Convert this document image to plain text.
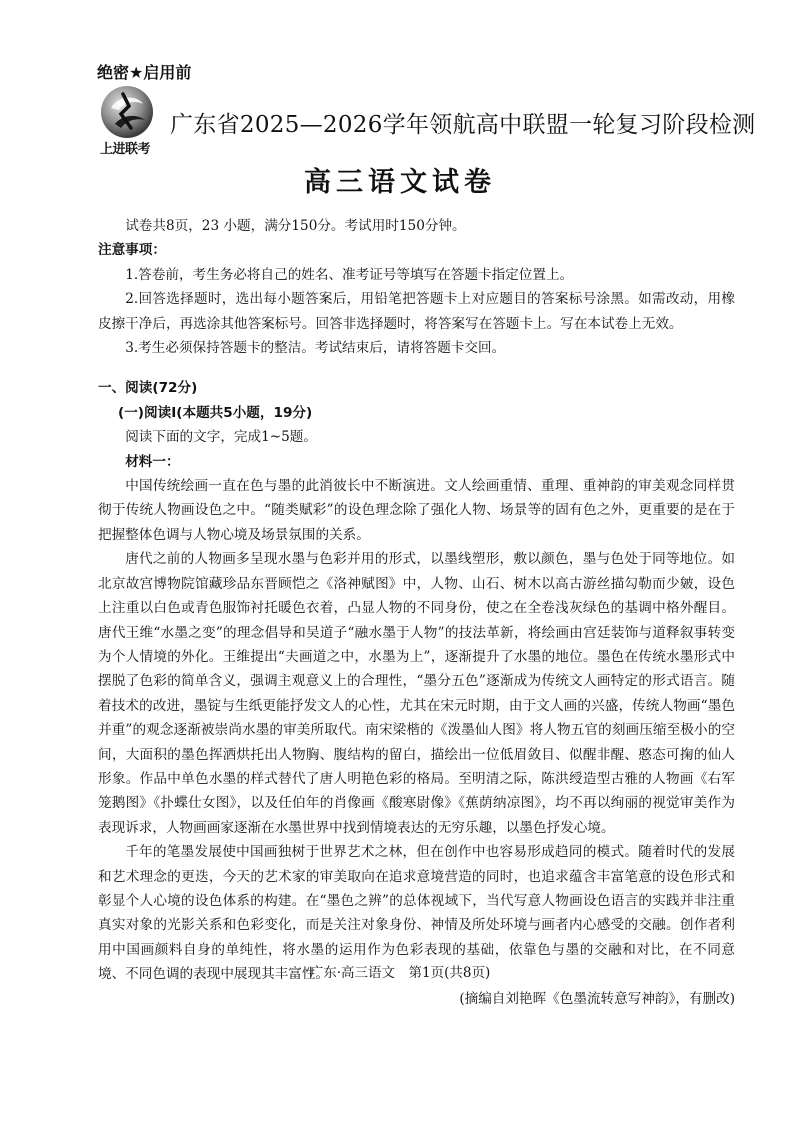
绝密★启用前
上进联考
广东省2025—2026学年领航高中联盟一轮复习阶段检测
高三语文试卷

试卷共8页，23 小题，满分150分。考试用时150分钟。

注意事项：

1.答卷前，考生务必将自己的姓名、准考证号等填写在答题卡指定位置上。

2.回答选择题时，选出每小题答案后，用铅笔把答题卡上对应题目的答案标号涂黑。如需改动，用橡皮擦干净后，再选涂其他答案标号。回答非选择题时，将答案写在答题卡上。写在本试卷上无效。

3.考生必须保持答题卡的整洁。考试结束后，请将答题卡交回。

一、阅读(72分)

(一)阅读Ⅰ(本题共5小题，19分)

阅读下面的文字，完成1~5题。

材料一：

中国传统绘画一直在色与墨的此消彼长中不断演进。文人绘画重情、重理、重神韵的审美观念同样贯彻于传统人物画设色之中。“随类赋彩”的设色理念除了强化人物、场景等的固有色之外，更重要的是在于把握整体色调与人物心境及场景氛围的关系。

唐代之前的人物画多呈现水墨与色彩并用的形式，以墨线塑形，敷以颜色，墨与色处于同等地位。如北京故宫博物院馆藏珍品东晋顾恺之《洛神赋图》中，人物、山石、树木以高古游丝描勾勒而少皴，设色上注重以白色或青色服饰衬托暖色衣着，凸显人物的不同身份，使之在全卷浅灰绿色的基调中格外醒目。唐代王维“水墨之变”的理念倡导和吴道子“融水墨于人物”的技法革新，将绘画由宫廷装饰与道释叙事转变为个人情境的外化。王维提出“夫画道之中，水墨为上”，逐渐提升了水墨的地位。墨色在传统水墨形式中摆脱了色彩的简单含义，强调主观意义上的合理性，“墨分五色”逐渐成为传统文人画特定的形式语言。随着技术的改进，墨锭与生纸更能抒发文人的心性，尤其在宋元时期，由于文人画的兴盛，传统人物画“墨色并重”的观念逐渐被崇尚水墨的审美所取代。南宋梁楷的《泼墨仙人图》将人物五官的刻画压缩至极小的空间，大面积的墨色挥洒烘托出人物胸、腹结构的留白，描绘出一位低眉敛目、似醒非醒、憨态可掬的仙人形象。作品中单色水墨的样式替代了唐人明艳色彩的格局。至明清之际，陈洪绶造型古雅的人物画《右军笼鹅图》《扑蝶仕女图》，以及任伯年的肖像画《酸寒尉像》《蕉荫纳凉图》，均不再以绚丽的视觉审美作为表现诉求，人物画画家逐渐在水墨世界中找到情境表达的无穷乐趣，以墨色抒发心境。

千年的笔墨发展使中国画独树于世界艺术之林，但在创作中也容易形成趋同的模式。随着时代的发展和艺术理念的更迭，今天的艺术家的审美取向在追求意境营造的同时，也追求蕴含丰富笔意的设色形式和彰显个人心境的设色体系的构建。在“墨色之辨”的总体视域下，当代写意人物画设色语言的实践并非注重真实对象的光影关系和色彩变化，而是关注对象身份、神情及所处环境与画者内心感受的交融。创作者利用中国画颜料自身的单纯性，将水墨的运用作为色彩表现的基础，依靠色与墨的交融和对比，在不同意境、不同色调的表现中展现其丰富性。

(摘编自刘艳晖《色墨流转意写神韵》，有删改)

广东·高三语文　第1页(共8页)
